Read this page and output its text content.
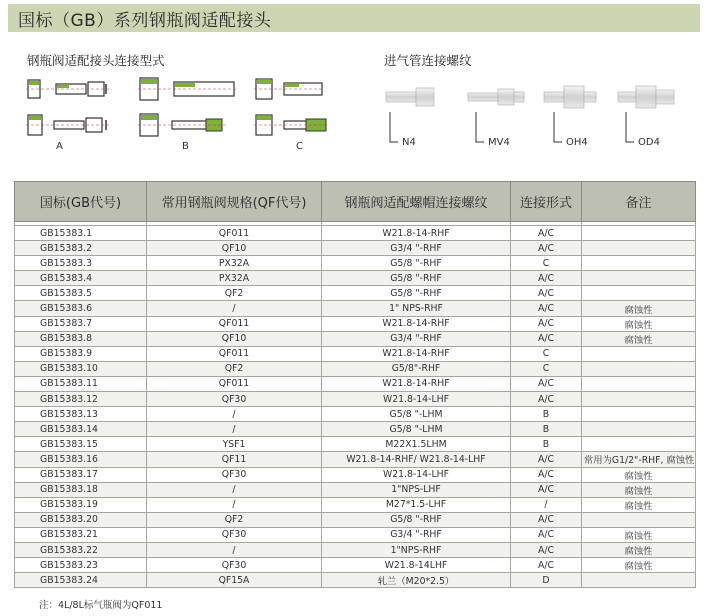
国标（GB）系列钢瓶阀适配接头
钢瓶阀适配接头连接型式	进气管连接螺纹
A	B	C	N4	MV4	OH4	OD4
国标(GB代号)	常用钢瓶阀规格(QF代号)	钢瓶阀适配螺帽连接螺纹	连接形式	备注

GB15383.1	QF011	W21.8-14-RHF	A/C	
GB15383.2	QF10	G3/4 "-RHF	A/C	
GB15383.3	PX32A	G5/8 "-RHF	C	
GB15383.4	PX32A	G5/8 "-RHF	A/C	
GB15383.5	QF2	G5/8 "-RHF	A/C	
GB15383.6	/	1" NPS-RHF	A/C	腐蚀性
GB15383.7	QF011	W21.8-14-RHF	A/C	腐蚀性
GB15383.8	QF10	G3/4 "-RHF	A/C	腐蚀性
GB15383.9	QF011	W21.8-14-RHF	C	
GB15383.10	QF2	G5/8"-RHF	C	
GB15383.11	QF011	W21.8-14-RHF	A/C	
GB15383.12	QF30	W21.8-14-LHF	A/C	
GB15383.13	/	G5/8 "-LHM	B	
GB15383.14	/	G5/8 "-LHM	B	
GB15383.15	YSF1	M22X1.5LHM	B	
GB15383.16	QF11	W21.8-14-RHF/ W21.8-14-LHF	A/C	常用为G1/2"-RHF, 腐蚀性
GB15383.17	QF30	W21.8-14-LHF	A/C	腐蚀性
GB15383.18	/	1"NPS-LHF	A/C	腐蚀性
GB15383.19	/	M27*1.5-LHF	/	腐蚀性
GB15383.20	QF2	G5/8 "-RHF	A/C	
GB15383.21	QF30	G3/4 "-RHF	A/C	腐蚀性
GB15383.22	/	1"NPS-RHF	A/C	腐蚀性
GB15383.23	QF30	W21.8-14LHF	A/C	腐蚀性
GB15383.24	QF15A	轧兰（M20*2.5）	D	
注：4L/8L标气瓶阀为QF011
